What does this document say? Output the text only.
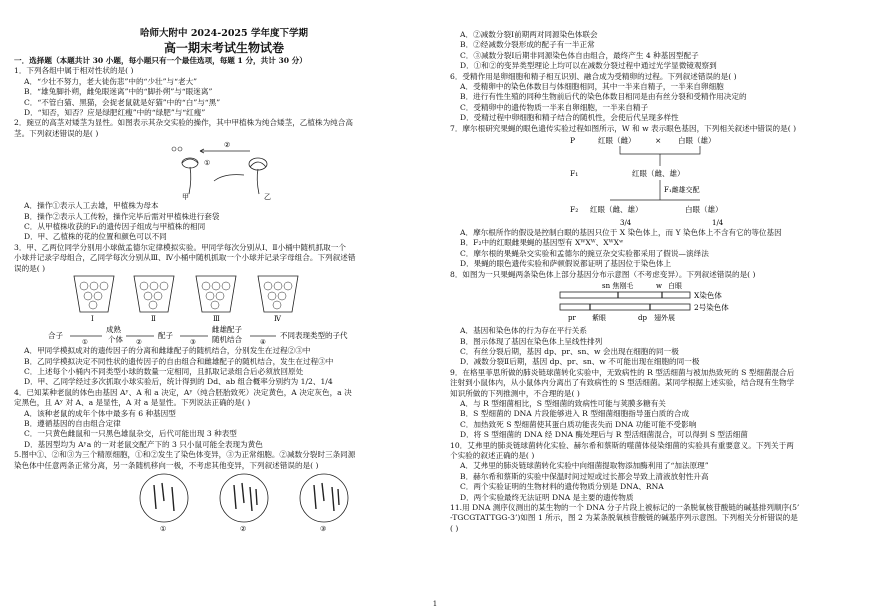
哈师大附中 2024-2025 学年度下学期

高一期末考试生物试卷

一．选择题（本题共计 30 小题，每小题只有一个最佳选项，每题 1 分，共计 30 分）

1．下列各组中属于相对性状的是( )

A．“少壮不努力，老大徒伤悲”中的“少壮”与“老大”

B．“雄兔脚扑朔，雌兔眼迷离”中的“脚扑朔”与“眼迷离”

C．“不管白猫、黑猫，会捉老鼠就是好猫”中的“白”与“黑”

D．“知否，知否？应是绿肥红瘦”中的“绿肥”与“红瘦”

2．豌豆的高茎对矮茎为显性。如图表示其杂交实验的操作，其中甲植株为纯合矮茎，乙植株为纯合高

茎。下列叙述错误的是( )

甲
①
乙
②

A．操作①表示人工去雄，甲植株为母本

B．操作②表示人工传粉，操作完毕后需对甲植株进行套袋

C．从甲植株收获的F₁的遗传因子组成与甲植株的相同

D．甲、乙植株的花的位置和颜色可以不同

3．甲、乙两位同学分别用小球做孟德尔定律模拟实验。甲同学每次分别从Ⅰ、Ⅱ小桶中随机抓取一个

小球并记录字母组合，乙同学每次分别从Ⅲ、Ⅳ小桶中随机抓取一个小球并记录字母组合。下列叙述错

误的是( )

Ⅰ	Ⅱ	Ⅲ	Ⅳ
合子
①
成熟
个体 ②
配子
③
雌雄配子
随机结合	④
不同表现类型的子代

A．甲同学模拟成对的遗传因子的分离和雌雄配子的随机结合，分别发生在过程②③中

B．乙同学模拟决定不同性状的遗传因子的自由组合和雌雄配子的随机结合，发生在过程③中

C．上述每个小桶内不同类型小球的数量一定相同，且抓取记录组合后必须放回原处

D．甲、乙同学经过多次抓取小球实验后，统计得到的 Dd、ab 组合概率分别约为 1/2、1/4

4．已知某种老鼠的体色由基因 Aʸ、A 和 a 决定，Aʸ（纯合胚胎致死）决定黄色，A 决定灰色，a 决

定黑色，且 Aʸ 对 A、a 是显性，A 对 a 是显性。下列说法正确的是( )

A．该种老鼠的成年个体中最多有 6 种基因型

B．遵循基因的自由组合定律

C．一只黄色雌鼠和一只黑色雄鼠杂交，后代可能出现 3 种表型

D．基因型均为 Aʸa 的一对老鼠交配产下的 3 只小鼠可能全表现为黄色

5.图中①、②和③为三个精原细胞，①和②发生了染色体变异，③为正常细胞。②减数分裂时三条同源

染色体中任意两条正常分离，另一条随机移向一极，不考虑其他变异，下列叙述错误的是( )

①	②	③

A．②减数分裂Ⅰ前期两对同源染色体联会

B．②经减数分裂形成的配子有一半正常

C．③减数分裂Ⅰ后期非同源染色体自由组合，最终产生 4 种基因型配子

D．①和②的变异类型理论上均可以在减数分裂过程中通过光学显微镜观察到

6．受精作用是卵细胞和精子相互识别、融合成为受精卵的过程。下列叙述错误的是( )

A．受精卵中的染色体数目与体细胞相同，其中一半来自精子，一半来自卵细胞

B．进行有性生殖的同种生物前后代的染色体数目相同是由有丝分裂和受精作用决定的

C．受精卵中的遗传物质一半来自卵细胞，一半来自精子

D．受精过程中卵细胞和精子结合的随机性，会使后代呈现多样性

7．摩尔根研究果蝇的眼色遗传实验过程如图所示，W 和 w 表示眼色基因，下列相关叙述中错误的是( )

P	红眼（雌）	× 白眼（雄）
F₁	红眼（雌、雄）
F₁雌雄交配
F₂ 红眼（雌、雄）	白眼（雄）
3/4	1/4

A．摩尔根所作的假设是控制白眼的基因只位于 X 染色体上，而 Y 染色体上不含有它的等位基因

B．F₂中的红眼雌果蝇的基因型有 XᵂXᵂ、XᵂXʷ

C．摩尔根的果蝇杂交实验和孟德尔的豌豆杂交实验都采用了假说—演绎法

D．果蝇的眼色遗传实验和萨顿假说都证明了基因位于染色体上

8．如图为一只果蝇两条染色体上部分基因分布示意图（不考虑变异）。下列叙述错误的是( )

sn 焦刚毛	w 白眼
X染色体
2号染色体
pr 紫眼	dp 翅外展

A．基因和染色体的行为存在平行关系

B．图示体现了基因在染色体上呈线性排列

C．有丝分裂后期，基因 dp、pr、sn、w 会出现在细胞的同一极

D．减数分裂Ⅱ后期，基因 dp、pr、sn、w 不可能出现在细胞的同一极

9．在格里菲思所做的肺炎链球菌转化实验中，无致病性的 R 型活细菌与被加热致死的 S 型细菌混合后

注射到小鼠体内，从小鼠体内分离出了有致病性的 S 型活细菌。某同学根据上述实验，结合现有生物学

知识所做的下列推测中，不合理的是( )

A．与 R 型细菌相比，S 型细菌的致病性可能与荚膜多糖有关

B．S 型细菌的 DNA 片段能够进入 R 型细菌细胞指导蛋白质的合成

C．加热致死 S 型细菌使其蛋白质功能丧失而 DNA 功能可能不受影响

D．将 S 型细菌的 DNA 经 DNA 酶处理后与 R 型活细菌混合，可以得到 S 型活细菌

10．艾弗里的肺炎链球菌转化实验、赫尔希和蔡斯的噬菌体侵染细菌的实验具有重要意义。下列关于两

个实验的叙述正确的是( )

A．艾弗里的肺炎链球菌转化实验中向细菌提取物添加酶利用了“加法原理”

B．赫尔希和蔡斯的实验中保温时间过短或过长都会导致上清液放射性升高

C．两个实验证明的生物材料的遗传物质分别是 DNA、RNA

D．两个实验最终无法证明 DNA 是主要的遗传物质

11.用 DNA 测序仪测出的某生物的一个 DNA 分子片段上被标记的一条脱氧核苷酸链的碱基排列顺序(5’

-TGCGTATTGG-3’)如图 1 所示，图 2 为某条脱氧核苷酸链的碱基序列示意图。下列相关分析错误的是

( )

1
